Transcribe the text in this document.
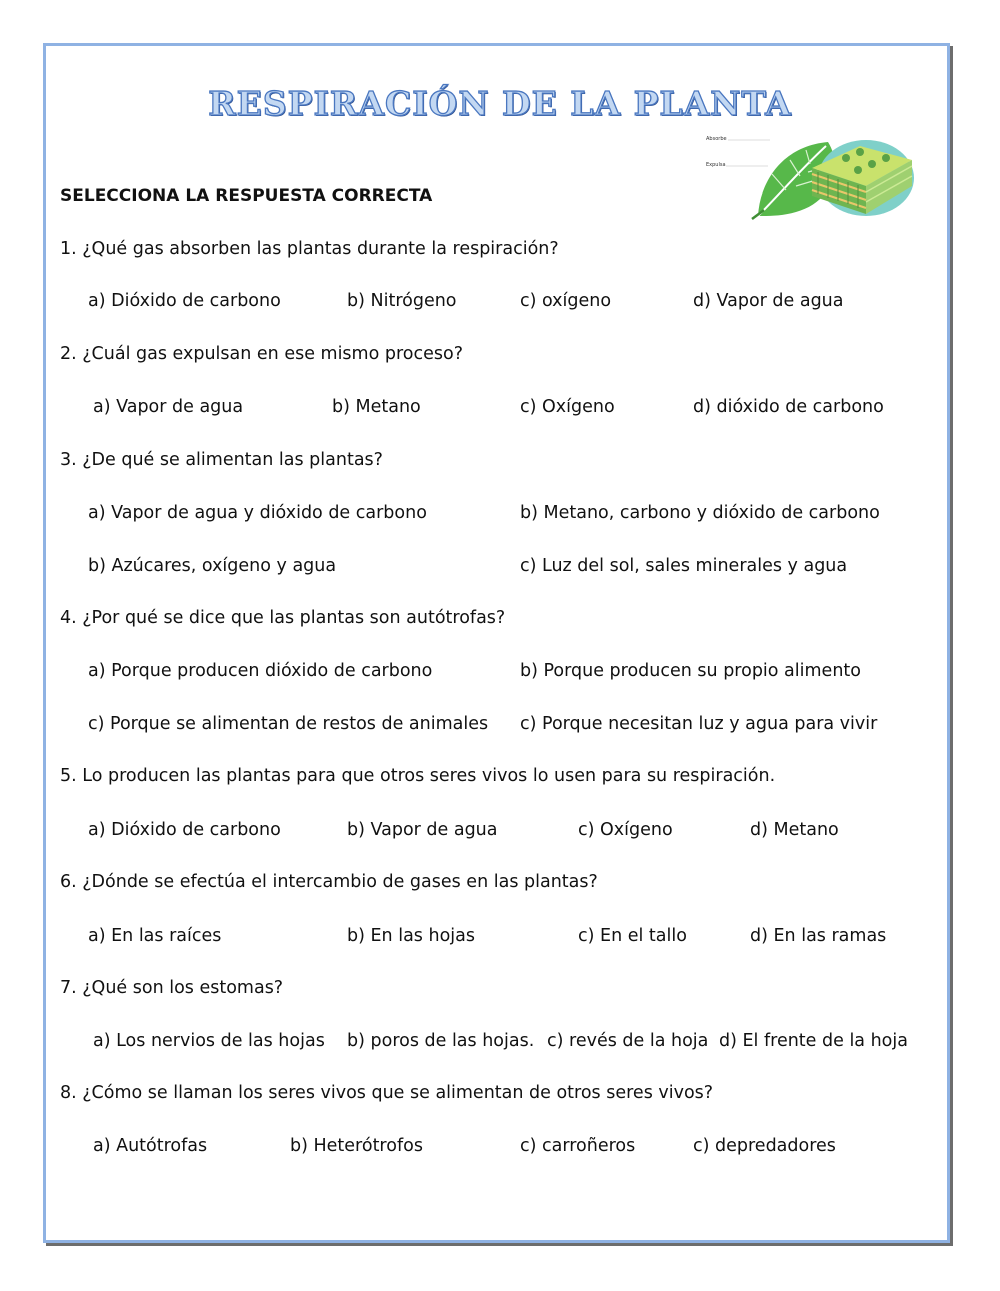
RESPIRACIÓN DE LA PLANTA
Absorbe
Expulsa
SELECCIONA LA RESPUESTA CORRECTA
1. ¿Qué gas absorben las plantas durante la respiración?
a) Dióxido de carbono	b) Nitrógeno	c) oxígeno	d) Vapor de agua
2. ¿Cuál gas expulsan en ese mismo proceso?
a) Vapor de agua	b) Metano	c) Oxígeno	d) dióxido de carbono
3. ¿De qué se alimentan las plantas?
a) Vapor de agua y dióxido de carbono	b) Metano, carbono y dióxido de carbono
b) Azúcares, oxígeno y agua	c) Luz del sol, sales minerales y agua
4. ¿Por qué se dice que las plantas son autótrofas?
a) Porque producen dióxido de carbono	b) Porque producen su propio alimento
c) Porque se alimentan de restos de animales c) Porque necesitan luz y agua para vivir
5. Lo producen las plantas para que otros seres vivos lo usen para su respiración.
a) Dióxido de carbono	b) Vapor de agua	c) Oxígeno	d) Metano
6. ¿Dónde se efectúa el intercambio de gases en las plantas?
a) En las raíces	b) En las hojas	c) En el tallo	d) En las ramas
7. ¿Qué son los estomas?
a) Los nervios de las hojas b) poros de las hojas. c) revés de la hoja d) El frente de la hoja
8. ¿Cómo se llaman los seres vivos que se alimentan de otros seres vivos?
a) Autótrofas	b) Heterótrofos	c) carroñeros	c) depredadores
